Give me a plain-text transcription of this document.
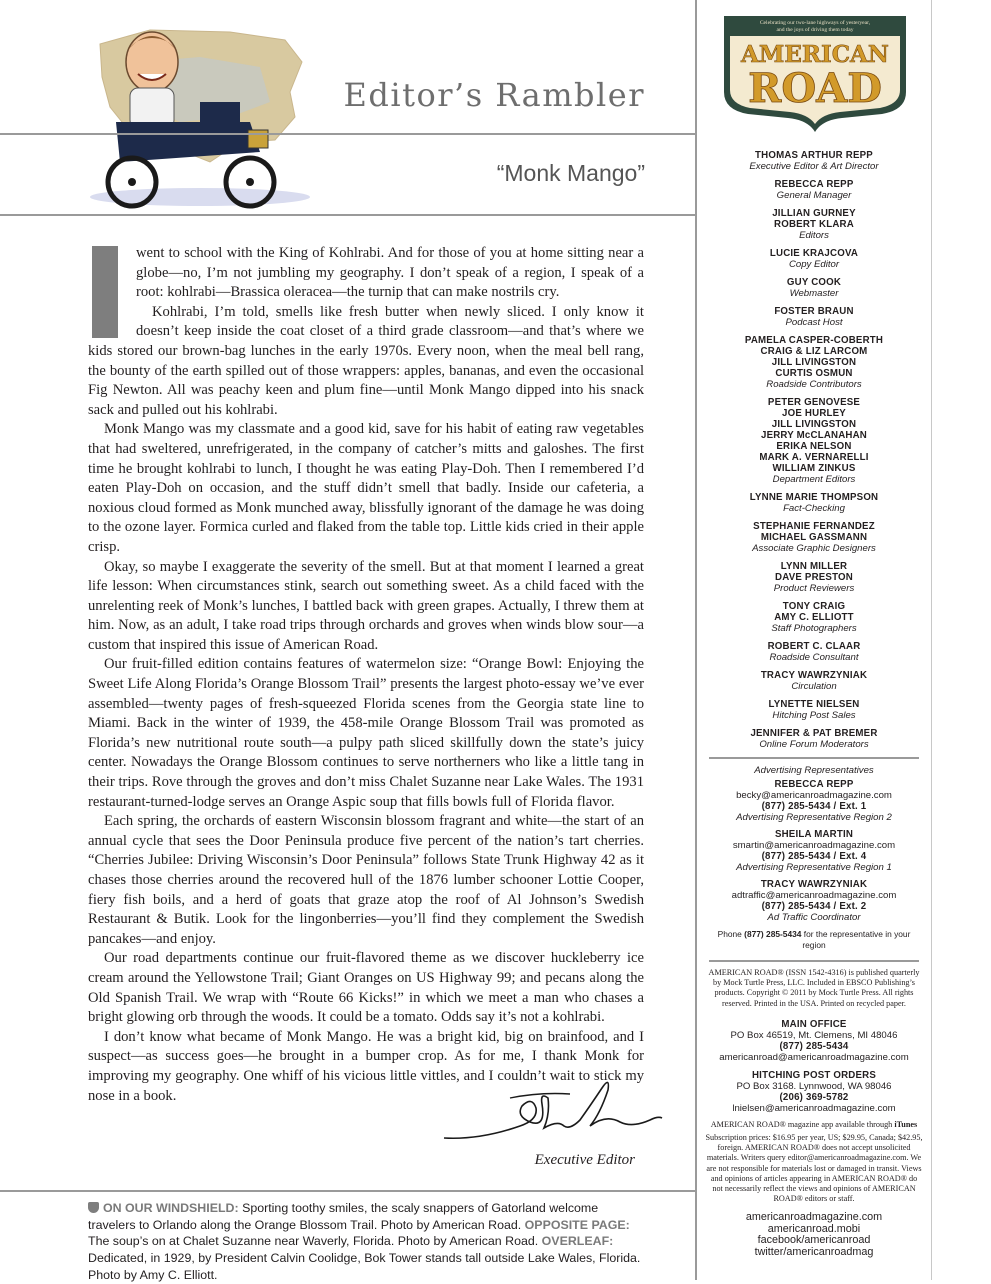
Editor’s Rambler
“Monk Mango”

went to school with the King of Kohlrabi. And for those of you at home sitting near a globe—no, I’m not jumbling my geography. I don’t speak of a region, I speak of a root: kohlrabi—Brassica oleracea—the turnip that can make nostrils cry.

Kohlrabi, I’m told, smells like fresh butter when newly sliced. I only know it doesn’t keep inside the coat closet of a third grade classroom—and that’s where we kids stored our brown-bag lunches in the early 1970s. Every noon, when the meal bell rang, the bounty of the earth spilled out of those wrappers: apples, bananas, and even the occasional Fig Newton. All was peachy keen and plum fine—until Monk Mango dipped into his snack sack and pulled out his kohlrabi.

Monk Mango was my classmate and a good kid, save for his habit of eating raw vegetables that had sweltered, unrefrigerated, in the company of catcher’s mitts and galoshes. The first time he brought kohlrabi to lunch, I thought he was eating Play-Doh. Then I remembered I’d eaten Play-Doh on occasion, and the stuff didn’t smell that badly. Inside our cafeteria, a noxious cloud formed as Monk munched away, blissfully ignorant of the damage he was doing to the ozone layer. Formica curled and flaked from the table top. Little kids cried in their apple crisp.

Okay, so maybe I exaggerate the severity of the smell. But at that moment I learned a great life lesson: When circumstances stink, search out something sweet. As a child faced with the unrelenting reek of Monk’s lunches, I battled back with green grapes. Actually, I threw them at him. Now, as an adult, I take road trips through orchards and groves when winds blow sour—a custom that inspired this issue of American Road.

Our fruit-filled edition contains features of watermelon size: “Orange Bowl: Enjoying the Sweet Life Along Florida’s Orange Blossom Trail” presents the largest photo-essay we’ve ever assembled—twenty pages of fresh-squeezed Florida scenes from the Georgia state line to Miami. Back in the winter of 1939, the 458-mile Orange Blossom Trail was promoted as Florida’s new nutritional route south—a pulpy path sliced skillfully down the state’s juicy center. Nowadays the Orange Blossom continues to serve northerners who like a little tang in their trips. Rove through the groves and don’t miss Chalet Suzanne near Lake Wales. The 1931 restaurant-turned-lodge serves an Orange Aspic soup that fills bowls full of Florida flavor.

Each spring, the orchards of eastern Wisconsin blossom fragrant and white—the start of an annual cycle that sees the Door Peninsula produce five percent of the nation’s tart cherries. “Cherries Jubilee: Driving Wisconsin’s Door Peninsula” follows State Trunk Highway 42 as it chases those cherries around the recovered hull of the 1876 lumber schooner Lottie Cooper, fiery fish boils, and a herd of goats that graze atop the roof of Al Johnson’s Swedish Restaurant & Butik. Look for the lingonberries—you’ll find they complement the Swedish pancakes—and enjoy.

Our road departments continue our fruit-flavored theme as we discover huckleberry ice cream around the Yellowstone Trail; Giant Oranges on US Highway 99; and pecans along the Old Spanish Trail. We wrap with “Route 66 Kicks!” in which we meet a man who chases a bright glowing orb through the woods. It could be a tomato. Odds say it’s not a kohlrabi.

I don’t know what became of Monk Mango. He was a bright kid, big on brainfood, and I suspect—as success goes—he brought in a bumper crop. As for me, I thank Monk for improving my geography. One whiff of his vicious little vittles, and I couldn’t wait to stick my nose in a book.

Executive Editor
ON OUR WINDSHIELD: Sporting toothy smiles, the scaly snappers of Gatorland welcome travelers to Orlando along the Orange Blossom Trail. Photo by American Road. OPPOSITE PAGE: The soup’s on at Chalet Suzanne near Waverly, Florida. Photo by American Road. OVERLEAF: Dedicated, in 1929, by President Calvin Coolidge, Bok Tower stands tall outside Lake Wales, Florida. Photo by Amy C. Elliott.
Celebrating our two-lane highways of yesteryear,
and the joys of driving them today
AMERICAN
ROAD
THOMAS ARTHUR REPP
Executive Editor & Art Director
REBECCA REPP
General Manager
JILLIAN GURNEY
ROBERT KLARA
Editors
LUCIE KRAJCOVA
Copy Editor
GUY COOK
Webmaster
FOSTER BRAUN
Podcast Host
PAMELA CASPER-COBERTH
CRAIG & LIZ LARCOM
JILL LIVINGSTON
CURTIS OSMUN
Roadside Contributors
PETER GENOVESE
JOE HURLEY
JILL LIVINGSTON
JERRY McCLANAHAN
ERIKA NELSON
MARK A. VERNARELLI
WILLIAM ZINKUS
Department Editors
LYNNE MARIE THOMPSON
Fact-Checking
STEPHANIE FERNANDEZ
MICHAEL GASSMANN
Associate Graphic Designers
LYNN MILLER
DAVE PRESTON
Product Reviewers
TONY CRAIG
AMY C. ELLIOTT
Staff Photographers
ROBERT C. CLAAR
Roadside Consultant
TRACY WAWRZYNIAK
Circulation
LYNETTE NIELSEN
Hitching Post Sales
JENNIFER & PAT BREMER
Online Forum Moderators
Advertising Representatives
REBECCA REPP
becky@americanroadmagazine.com
(877) 285-5434 / Ext. 1
Advertising Representative Region 2
SHEILA MARTIN
smartin@americanroadmagazine.com
(877) 285-5434 / Ext. 4
Advertising Representative Region 1
TRACY WAWRZYNIAK
adtraffic@americanroadmagazine.com
(877) 285-5434 / Ext. 2
Ad Traffic Coordinator
Phone (877) 285-5434 for the representative in your region
AMERICAN ROAD® (ISSN 1542-4316) is published quarterly by Mock Turtle Press, LLC. Included in EBSCO Publishing’s products. Copyright © 2011 by Mock Turtle Press. All rights reserved. Printed in the USA. Printed on recycled paper.
MAIN OFFICE
PO Box 46519, Mt. Clemens, MI 48046
(877) 285-5434
americanroad@americanroadmagazine.com
HITCHING POST ORDERS
PO Box 3168. Lynnwood, WA 98046
(206) 369-5782
lnielsen@americanroadmagazine.com
AMERICAN ROAD® magazine app available through iTunes
Subscription prices: $16.95 per year, US; $29.95, Canada; $42.95, foreign. AMERICAN ROAD® does not accept unsolicited materials. Writers query editor@americanroadmagazine.com. We are not responsible for materials lost or damaged in transit. Views and opinions of articles appearing in AMERICAN ROAD® do not necessarily reflect the views and opinions of AMERICAN ROAD® editors or staff.
americanroadmagazine.com
americanroad.mobi
facebook/americanroad
twitter/americanroadmag
